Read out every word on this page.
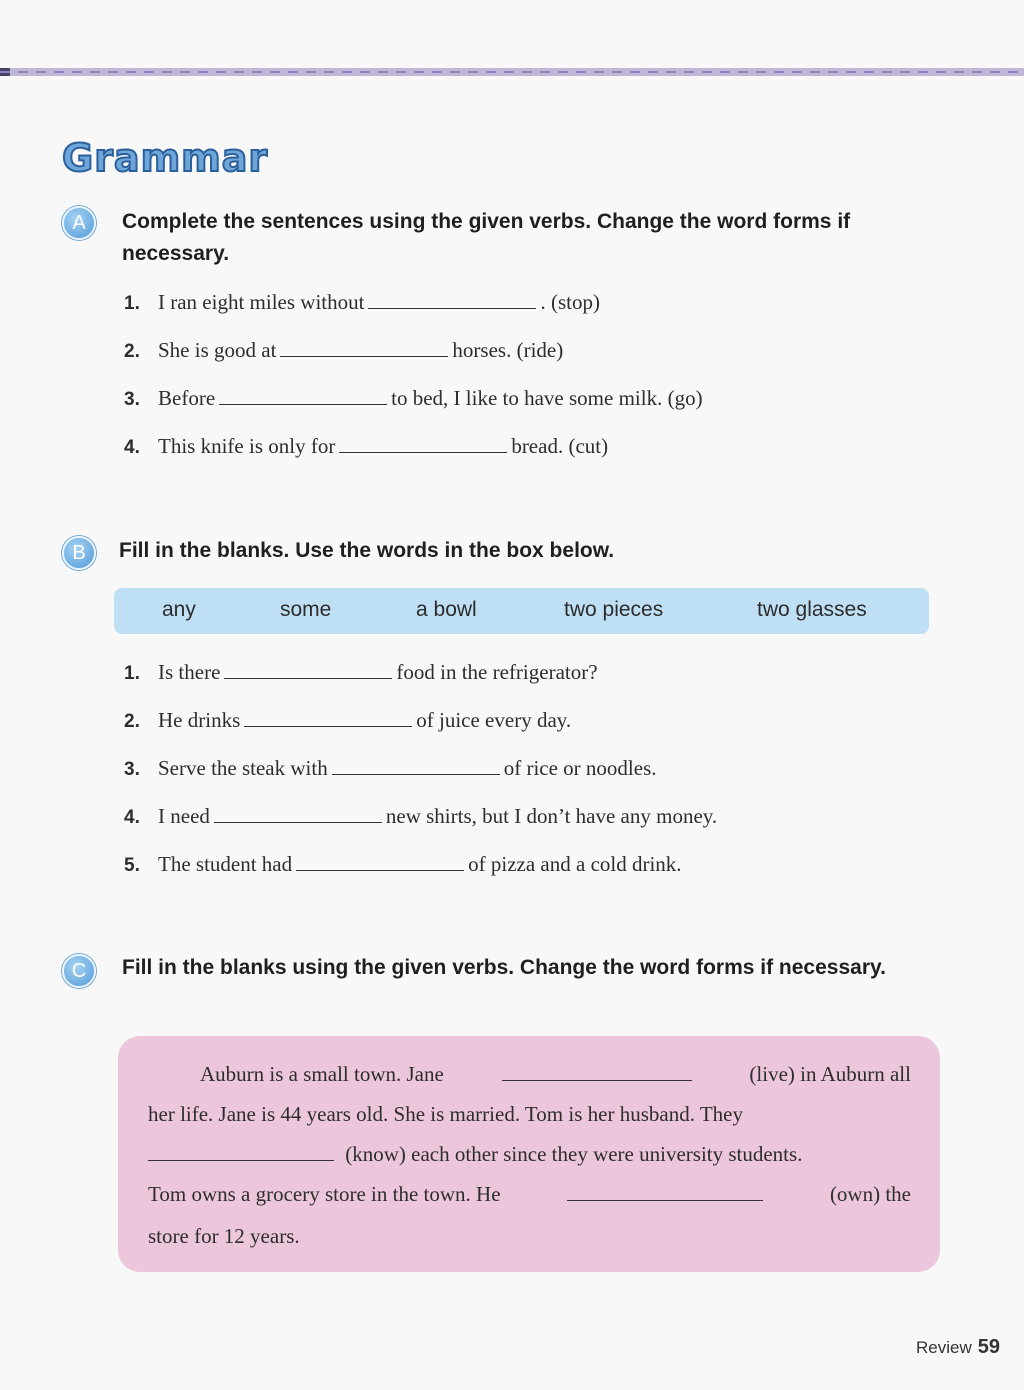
Grammar
A	Complete the sentences using the given verbs. Change the word forms if necessary.
1. I ran eight miles without	. (stop)
2. She is good at	horses. (ride)
3. Before	to bed, I like to have some milk. (go)
4. This knife is only for	bread. (cut)
B	Fill in the blanks. Use the words in the box below.
any	some	a bowl	two pieces	two glasses
1. Is there	food in the refrigerator?
2. He drinks	of juice every day.
3. Serve the steak with	of rice or noodles.
4. I need	new shirts, but I don’t have any money.
5. The student had	of pizza and a cold drink.
C	Fill in the blanks using the given verbs. Change the word forms if necessary.
Auburn is a small town. Jane	(live) in Auburn all
her life. Jane is 44 years old. She is married. Tom is her husband. They
(know) each other since they were university students.
Tom owns a grocery store in the town. He	(own) the
store for 12 years.
Review 59
